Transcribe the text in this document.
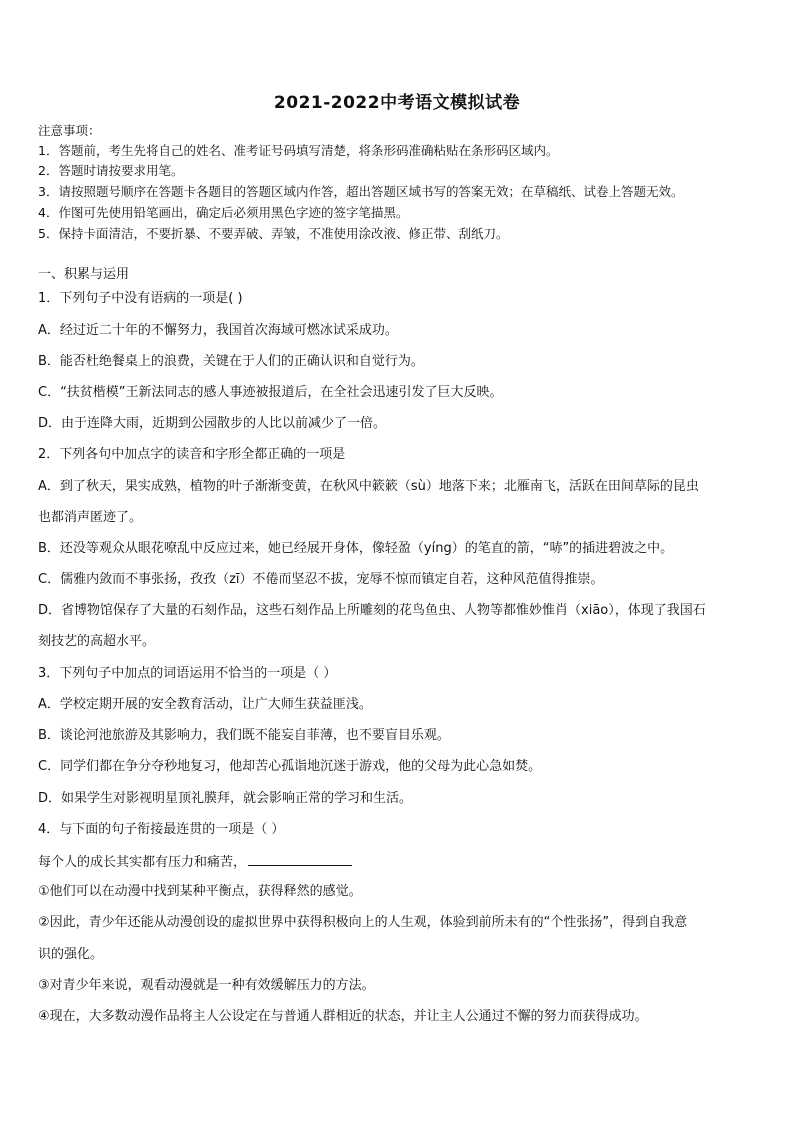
2021-2022中考语文模拟试卷
注意事项：
1．答题前，考生先将自己的姓名、准考证号码填写清楚，将条形码准确粘贴在条形码区域内。
2．答题时请按要求用笔。
3．请按照题号顺序在答题卡各题目的答题区域内作答，超出答题区域书写的答案无效；在草稿纸、试卷上答题无效。
4．作图可先使用铅笔画出，确定后必须用黑色字迹的签字笔描黑。
5．保持卡面清洁，不要折暴、不要弄破、弄皱，不准使用涂改液、修正带、刮纸刀。
一、积累与运用
1．下列句子中没有语病的一项是( )
A．经过近二十年的不懈努力，我国首次海域可燃冰试采成功。
B．能否杜绝餐桌上的浪费，关键在于人们的正确认识和自觉行为。
C．“扶贫楷模”王新法同志的感人事迹被报道后，在全社会迅速引发了巨大反映。
D．由于连降大雨，近期到公园散步的人比以前减少了一倍。
2．下列各句中加点字的读音和字形全都正确的一项是
A．到了秋天，果实成熟，植物的叶子渐渐变黄，在秋风中簌簌（sù）地落下来；北雁南飞，活跃在田间草际的昆虫
也都消声匿迹了。
B．还没等观众从眼花嘹乱中反应过来，她已经展开身体，像轻盈（yíng）的笔直的箭，“哧”的插进碧波之中。
C．儒雅内敛而不事张扬，孜孜（zī）不倦而坚忍不拔，宠辱不惊而镇定自若，这种风范值得推崇。
D．省博物馆保存了大量的石刻作品，这些石刻作品上所雕刻的花鸟鱼虫、人物等都惟妙惟肖（xiāo），体现了我国石
刻技艺的高超水平。
3．下列句子中加点的词语运用不恰当的一项是（ ）
A．学校定期开展的安全教育活动，让广大师生获益匪浅。
B．谈论河池旅游及其影响力，我们既不能妄自菲薄，也不要盲目乐观。
C．同学们都在争分夺秒地复习，他却苦心孤诣地沉迷于游戏，他的父母为此心急如焚。
D．如果学生对影视明星顶礼膜拜，就会影响正常的学习和生活。
4．与下面的句子衔接最连贯的一项是（ ）
每个人的成长其实都有压力和痛苦，
①他们可以在动漫中找到某种平衡点，获得释然的感觉。
②因此，青少年还能从动漫创设的虚拟世界中获得积极向上的人生观，体验到前所未有的“个性张扬”，得到自我意
识的强化。
③对青少年来说，观看动漫就是一种有效缓解压力的方法。
④现在，大多数动漫作品将主人公设定在与普通人群相近的状态，并让主人公通过不懈的努力而获得成功。
